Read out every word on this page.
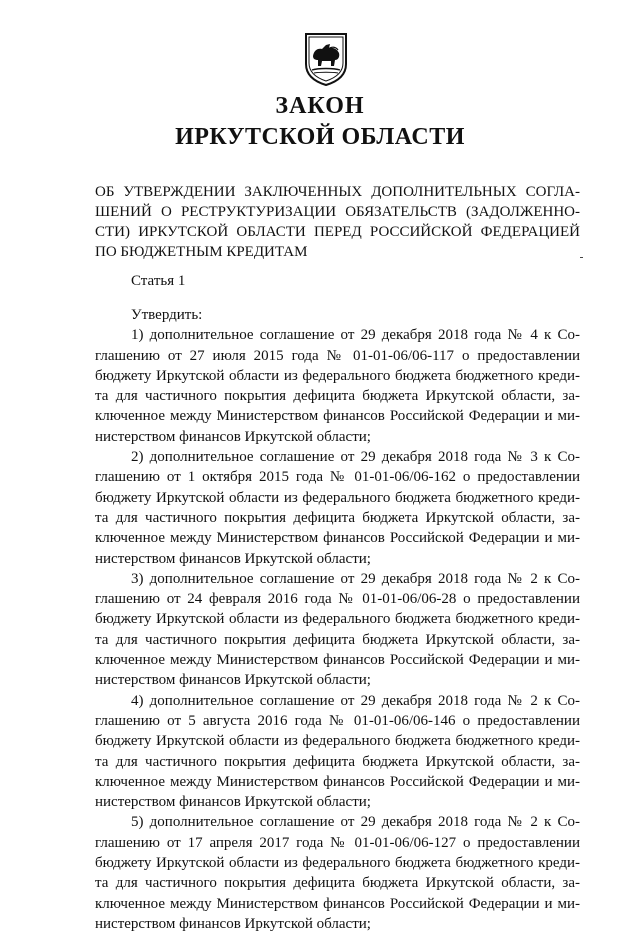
ЗАКОН
ИРКУТСКОЙ ОБЛАСТИ
ОБ УТВЕРЖДЕНИИ ЗАКЛЮЧЕННЫХ ДОПОЛНИТЕЛЬНЫХ СОГЛА-
ШЕНИЙ О РЕСТРУКТУРИЗАЦИИ ОБЯЗАТЕЛЬСТВ (ЗАДОЛЖЕННО-
СТИ) ИРКУТСКОЙ ОБЛАСТИ ПЕРЕД РОССИЙСКОЙ ФЕДЕРАЦИЕЙ
ПО БЮДЖЕТНЫМ КРЕДИТАМ
Статья 1
Утвердить:
1) дополнительное соглашение от 29 декабря 2018 года № 4 к Со-
глашению от 27 июля 2015 года № 01-01-06/06-117 о предоставлении
бюджету Иркутской области из федерального бюджета бюджетного креди-
та для частичного покрытия дефицита бюджета Иркутской области, за-
ключенное между Министерством финансов Российской Федерации и ми-
нистерством финансов Иркутской области;
2) дополнительное соглашение от 29 декабря 2018 года № 3 к Со-
глашению от 1 октября 2015 года № 01-01-06/06-162 о предоставлении
бюджету Иркутской области из федерального бюджета бюджетного креди-
та для частичного покрытия дефицита бюджета Иркутской области, за-
ключенное между Министерством финансов Российской Федерации и ми-
нистерством финансов Иркутской области;
3) дополнительное соглашение от 29 декабря 2018 года № 2 к Со-
глашению от 24 февраля 2016 года № 01-01-06/06-28 о предоставлении
бюджету Иркутской области из федерального бюджета бюджетного креди-
та для частичного покрытия дефицита бюджета Иркутской области, за-
ключенное между Министерством финансов Российской Федерации и ми-
нистерством финансов Иркутской области;
4) дополнительное соглашение от 29 декабря 2018 года № 2 к Со-
глашению от 5 августа 2016 года № 01-01-06/06-146 о предоставлении
бюджету Иркутской области из федерального бюджета бюджетного креди-
та для частичного покрытия дефицита бюджета Иркутской области, за-
ключенное между Министерством финансов Российской Федерации и ми-
нистерством финансов Иркутской области;
5) дополнительное соглашение от 29 декабря 2018 года № 2 к Со-
глашению от 17 апреля 2017 года № 01-01-06/06-127 о предоставлении
бюджету Иркутской области из федерального бюджета бюджетного креди-
та для частичного покрытия дефицита бюджета Иркутской области, за-
ключенное между Министерством финансов Российской Федерации и ми-
нистерством финансов Иркутской области;
